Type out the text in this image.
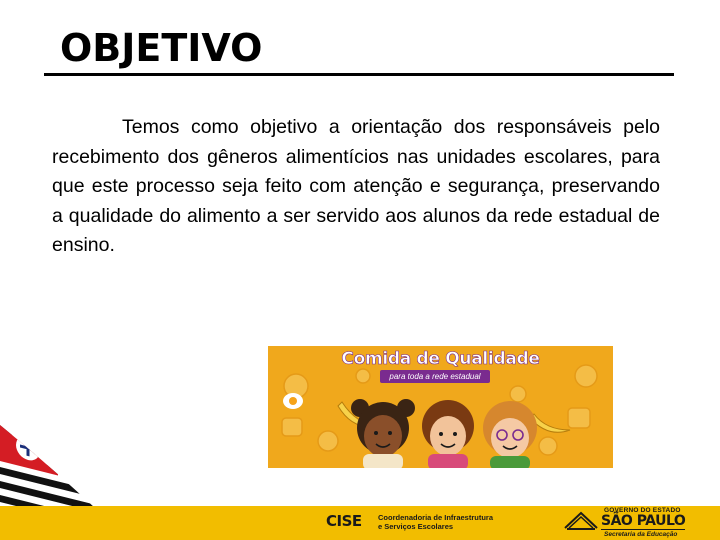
OBJETIVO

Temos como objetivo a orientação dos responsáveis pelo recebimento dos gêneros alimentícios nas unidades escolares, para que este processo seja feito com atenção e segurança, preservando a qualidade do alimento a ser servido aos alunos da rede estadual de ensino.

Comida de Qualidade
para toda a rede estadual
CISE Coordenadoria de Infraestrutura
e Serviços Escolares
GOVERNO DO ESTADO
SÃO PAULO
Secretaria da Educação
